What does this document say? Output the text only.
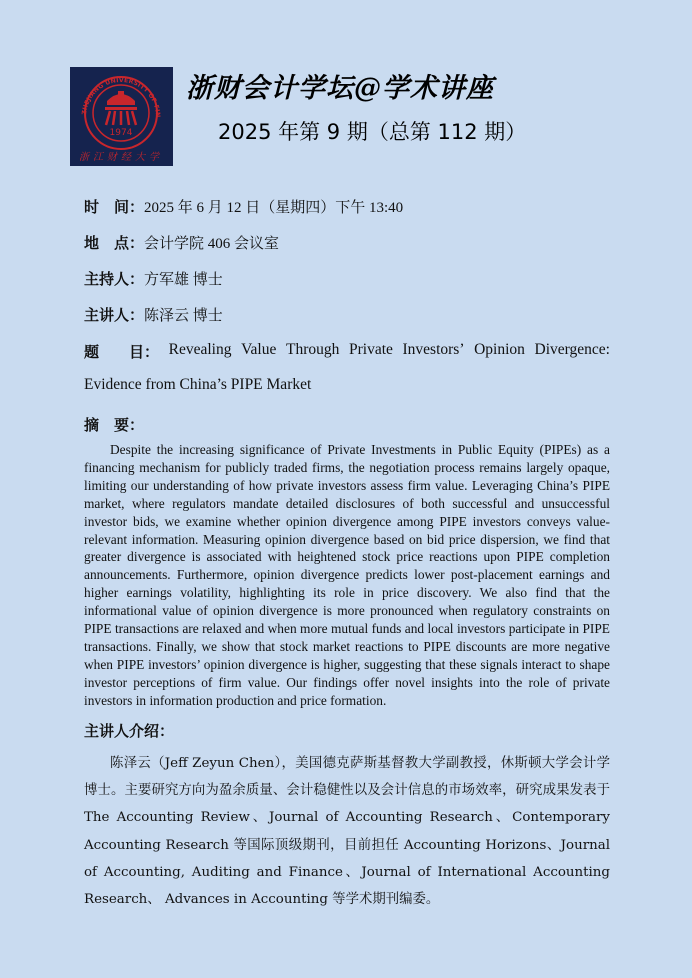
ZHEJIANG UNIVERSITY OF FIN
1974
浙江财经大学
浙财会计学坛@学术讲座
2025 年第 9 期（总第 112 期）
时　间：2025 年 6 月 12 日（星期四）下午 13:40
地　点：会计学院 406 会议室
主持人：方军雄 博士
主讲人：陈泽云 博士
题　　目： Revealing Value Through Private Investors’ Opinion Divergence:
Evidence from China’s PIPE Market
摘　要：

Despite the increasing significance of Private Investments in Public Equity (PIPEs) as a financing mechanism for publicly traded firms, the negotiation process remains largely opaque, limiting our understanding of how private investors assess firm value. Leveraging China’s PIPE market, where regulators mandate detailed disclosures of both successful and unsuccessful investor bids, we examine whether opinion divergence among PIPE investors conveys value-relevant information. Measuring opinion divergence based on bid price dispersion, we find that greater divergence is associated with heightened stock price reactions upon PIPE completion announcements. Furthermore, opinion divergence predicts lower post-placement earnings and higher earnings volatility, highlighting its role in price discovery. We also find that the informational value of opinion divergence is more pronounced when regulatory constraints on PIPE transactions are relaxed and when more mutual funds and local investors participate in PIPE transactions. Finally, we show that stock market reactions to PIPE discounts are more negative when PIPE investors’ opinion divergence is higher, suggesting that these signals interact to shape investor perceptions of firm value. Our findings offer novel insights into the role of private investors in information production and price formation.

主讲人介绍：

陈泽云（Jeff Zeyun Chen），美国德克萨斯基督教大学副教授，休斯顿大学会计学博士。主要研究方向为盈余质量、会计稳健性以及会计信息的市场效率，研究成果发表于 The Accounting Review、Journal of Accounting Research、Contemporary Accounting Research 等国际顶级期刊，目前担任 Accounting Horizons、Journal of Accounting, Auditing and Finance、Journal of International Accounting Research、 Advances in Accounting 等学术期刊编委。
